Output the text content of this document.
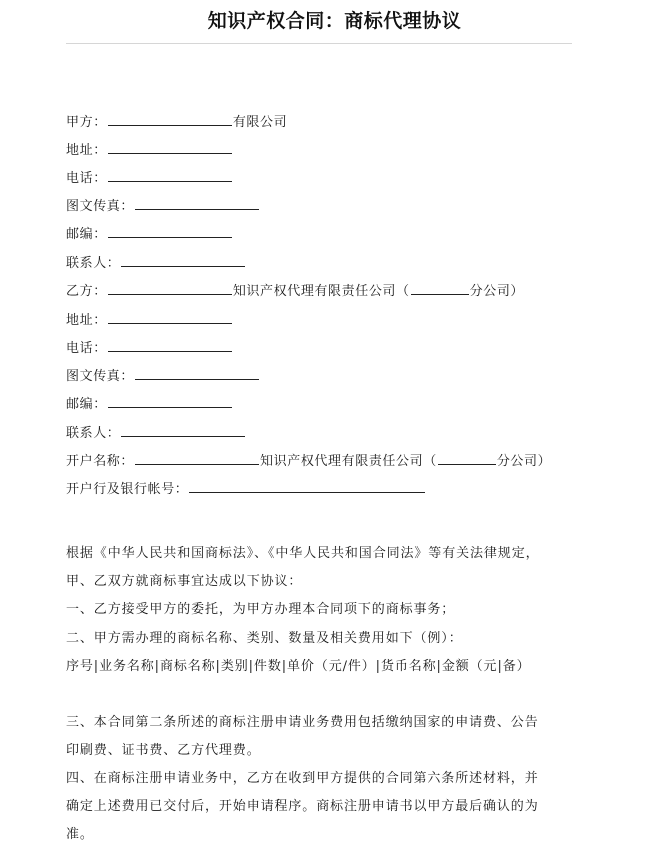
知识产权合同：商标代理协议
甲方：	有限公司
地址：
电话：
图文传真：
邮编：
联系人：
乙方：	知识产权代理有限责任公司（	分公司）
地址：
电话：
图文传真：
邮编：
联系人：
开户名称：	知识产权代理有限责任公司（	分公司）
开户行及银行帐号：
根据《中华人民共和国商标法》、《中华人民共和国合同法》等有关法律规定，
甲、乙双方就商标事宜达成以下协议：
一、乙方接受甲方的委托，为甲方办理本合同项下的商标事务；
二、甲方需办理的商标名称、类别、数量及相关费用如下（例）：
序号|业务名称|商标名称|类别|件数|单价（元/件）|货币名称|金额（元|备）
三、本合同第二条所述的商标注册申请业务费用包括缴纳国家的申请费、公告
印刷费、证书费、乙方代理费。
四、在商标注册申请业务中，乙方在收到甲方提供的合同第六条所述材料，并
确定上述费用已交付后，开始申请程序。商标注册申请书以甲方最后确认的为
准。
